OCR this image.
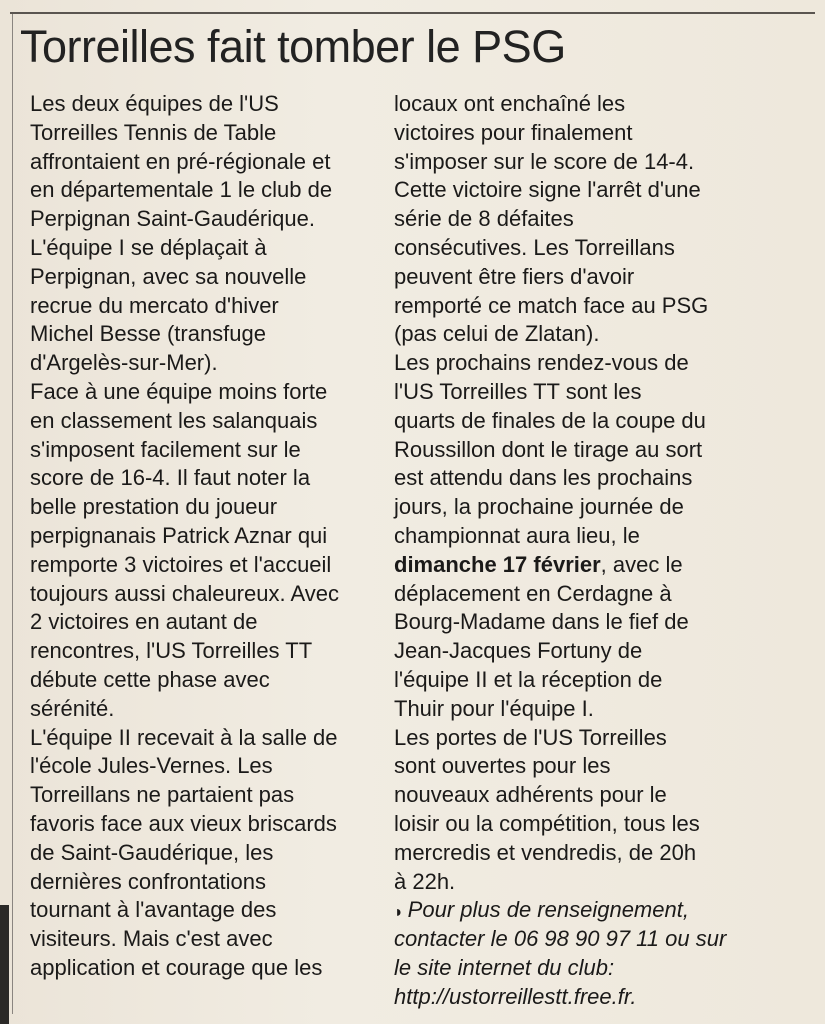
Torreilles fait tomber le PSG
Les deux équipes de l'US
Torreilles Tennis de Table
affrontaient en pré-régionale et
en départementale 1 le club de
Perpignan Saint-Gaudérique.
L'équipe I se déplaçait à
Perpignan, avec sa nouvelle
recrue du mercato d'hiver
Michel Besse (transfuge
d'Argelès-sur-Mer).
Face à une équipe moins forte
en classement les salanquais
s'imposent facilement sur le
score de 16-4. Il faut noter la
belle prestation du joueur
perpignanais Patrick Aznar qui
remporte 3 victoires et l'accueil
toujours aussi chaleureux. Avec
2 victoires en autant de
rencontres, l'US Torreilles TT
débute cette phase avec
sérénité.
L'équipe II recevait à la salle de
l'école Jules-Vernes. Les
Torreillans ne partaient pas
favoris face aux vieux briscards
de Saint-Gaudérique, les
dernières confrontations
tournant à l'avantage des
visiteurs. Mais c'est avec
application et courage que les
locaux ont enchaîné les
victoires pour finalement
s'imposer sur le score de 14-4.
Cette victoire signe l'arrêt d'une
série de 8 défaites
consécutives. Les Torreillans
peuvent être fiers d'avoir
remporté ce match face au PSG
(pas celui de Zlatan).
Les prochains rendez-vous de
l'US Torreilles TT sont les
quarts de finales de la coupe du
Roussillon dont le tirage au sort
est attendu dans les prochains
jours, la prochaine journée de
championnat aura lieu, le
dimanche 17 février, avec le
déplacement en Cerdagne à
Bourg-Madame dans le fief de
Jean-Jacques Fortuny de
l'équipe II et la réception de
Thuir pour l'équipe I.
Les portes de l'US Torreilles
sont ouvertes pour les
nouveaux adhérents pour le
loisir ou la compétition, tous les
mercredis et vendredis, de 20h
à 22h.
◗ Pour plus de renseignement,
contacter le 06 98 90 97 11 ou sur
le site internet du club:
http://ustorreillestt.free.fr.
